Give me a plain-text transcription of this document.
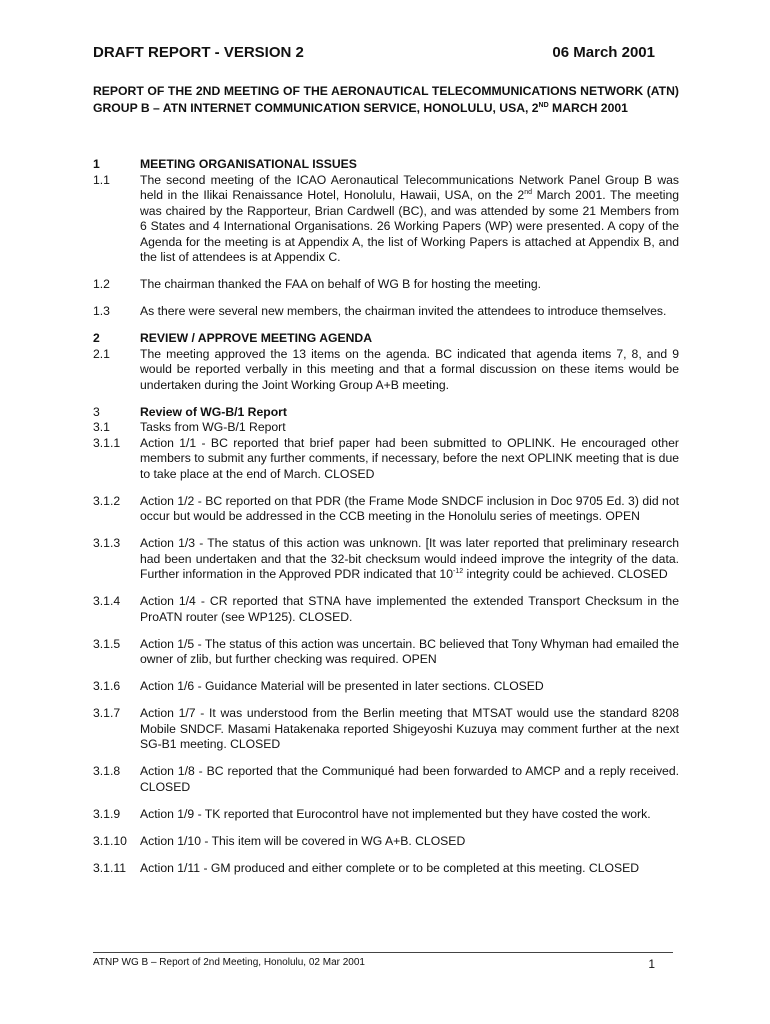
DRAFT REPORT - VERSION 2	06 March 2001
REPORT OF THE 2ND MEETING OF THE AERONAUTICAL TELECOMMUNICATIONS NETWORK (ATN) GROUP B – ATN INTERNET COMMUNICATION SERVICE, HONOLULU, USA, 2ND MARCH 2001
1	MEETING ORGANISATIONAL ISSUES
1.1	The second meeting of the ICAO Aeronautical Telecommunications Network Panel Group B was held in the Ilikai Renaissance Hotel, Honolulu, Hawaii, USA, on the 2nd March 2001. The meeting was chaired by the Rapporteur, Brian Cardwell (BC), and was attended by some 21 Members from 6 States and 4 International Organisations. 26 Working Papers (WP) were presented. A copy of the Agenda for the meeting is at Appendix A, the list of Working Papers is attached at Appendix B, and the list of attendees is at Appendix C.
1.2	The chairman thanked the FAA on behalf of WG B for hosting the meeting.
1.3	As there were several new members, the chairman invited the attendees to introduce themselves.
2	REVIEW / APPROVE MEETING AGENDA
2.1	The meeting approved the 13 items on the agenda. BC indicated that agenda items 7, 8, and 9 would be reported verbally in this meeting and that a formal discussion on these items would be undertaken during the Joint Working Group A+B meeting.
3	Review of WG-B/1 Report
3.1	Tasks from WG-B/1 Report
3.1.1	Action 1/1 - BC reported that brief paper had been submitted to OPLINK. He encouraged other members to submit any further comments, if necessary, before the next OPLINK meeting that is due to take place at the end of March. CLOSED
3.1.2	Action 1/2 - BC reported on that PDR (the Frame Mode SNDCF inclusion in Doc 9705 Ed. 3) did not occur but would be addressed in the CCB meeting in the Honolulu series of meetings. OPEN
3.1.3	Action 1/3 - The status of this action was unknown. [It was later reported that preliminary research had been undertaken and that the 32-bit checksum would indeed improve the integrity of the data. Further information in the Approved PDR indicated that $10^{-12}$ integrity could be achieved. CLOSED
3.1.4	Action 1/4 - CR reported that STNA have implemented the extended Transport Checksum in the ProATN router (see WP125). CLOSED.
3.1.5	Action 1/5 - The status of this action was uncertain. BC believed that Tony Whyman had emailed the owner of zlib, but further checking was required. OPEN
3.1.6	Action 1/6 - Guidance Material will be presented in later sections. CLOSED
3.1.7	Action 1/7 - It was understood from the Berlin meeting that MTSAT would use the standard 8208 Mobile SNDCF. Masami Hatakenaka reported Shigeyoshi Kuzuya may comment further at the next SG-B1 meeting. CLOSED
3.1.8	Action 1/8 - BC reported that the Communiqué had been forwarded to AMCP and a reply received. CLOSED
3.1.9	Action 1/9 - TK reported that Eurocontrol have not implemented but they have costed the work.
3.1.10	Action 1/10 - This item will be covered in WG A+B. CLOSED
3.1.11	Action 1/11 - GM produced and either complete or to be completed at this meeting. CLOSED
ATNP WG B – Report of 2nd Meeting, Honolulu, 02 Mar 2001	1
